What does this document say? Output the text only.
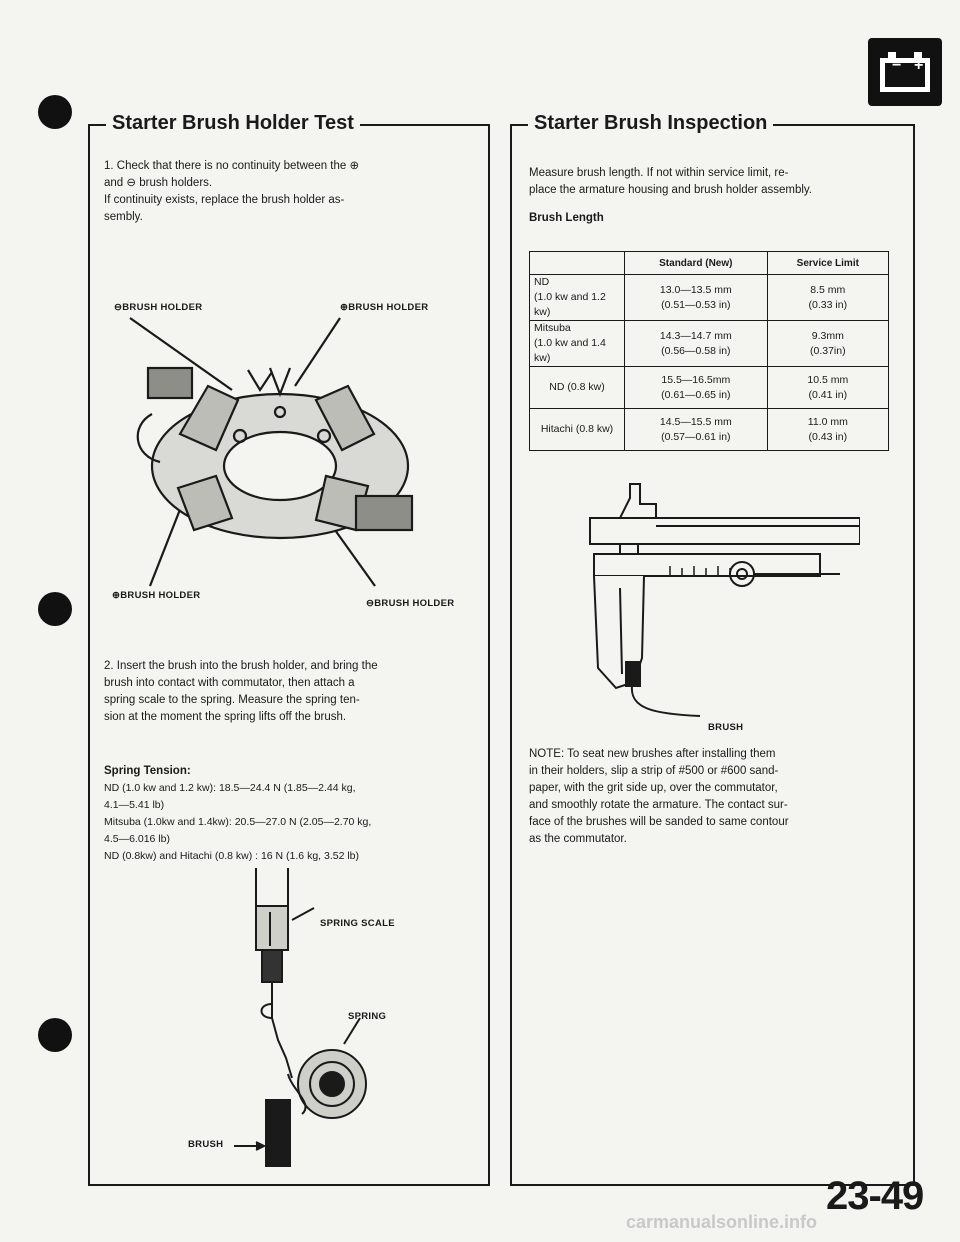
− +
Starter Brush Holder Test
1. Check that there is no continuity between the ⊕
and ⊖ brush holders.
If continuity exists, replace the brush holder as-
sembly.
⊖BRUSH HOLDER	⊕BRUSH HOLDER
⊕BRUSH HOLDER
⊖BRUSH HOLDER
2. Insert the brush into the brush holder, and bring the
brush into contact with commutator, then attach a
spring scale to the spring. Measure the spring ten-
sion at the moment the spring lifts off the brush.
Spring Tension:
ND (1.0 kw and 1.2 kw): 18.5—24.4 N (1.85—2.44 kg,
4.1—5.41 lb)
Mitsuba (1.0kw and 1.4kw): 20.5—27.0 N (2.05—2.70 kg,
4.5—6.016 lb)
ND (0.8kw) and Hitachi (0.8 kw) : 16 N (1.6 kg, 3.52 lb)
SPRING SCALE
SPRING
BRUSH
Starter Brush Inspection
Measure brush length. If not within service limit, re-
place the armature housing and brush holder assembly.
Brush Length
	Standard (New)	Service Limit
ND
(1.0 kw and 1.2 kw)	13.0—13.5 mm
(0.51—0.53 in)	8.5 mm
(0.33 in)
Mitsuba
(1.0 kw and 1.4 kw)	14.3—14.7 mm
(0.56—0.58 in)	9.3mm
(0.37in)
ND (0.8 kw)	15.5—16.5mm
(0.61—0.65 in)	10.5 mm
(0.41 in)
Hitachi (0.8 kw)	14.5—15.5 mm
(0.57—0.61 in)	11.0 mm
(0.43 in)
BRUSH
NOTE: To seat new brushes after installing them
in their holders, slip a strip of #500 or #600 sand-
paper, with the grit side up, over the commutator,
and smoothly rotate the armature. The contact sur-
face of the brushes will be sanded to same contour
as the commutator.
23-49
carmanualsonline.info
